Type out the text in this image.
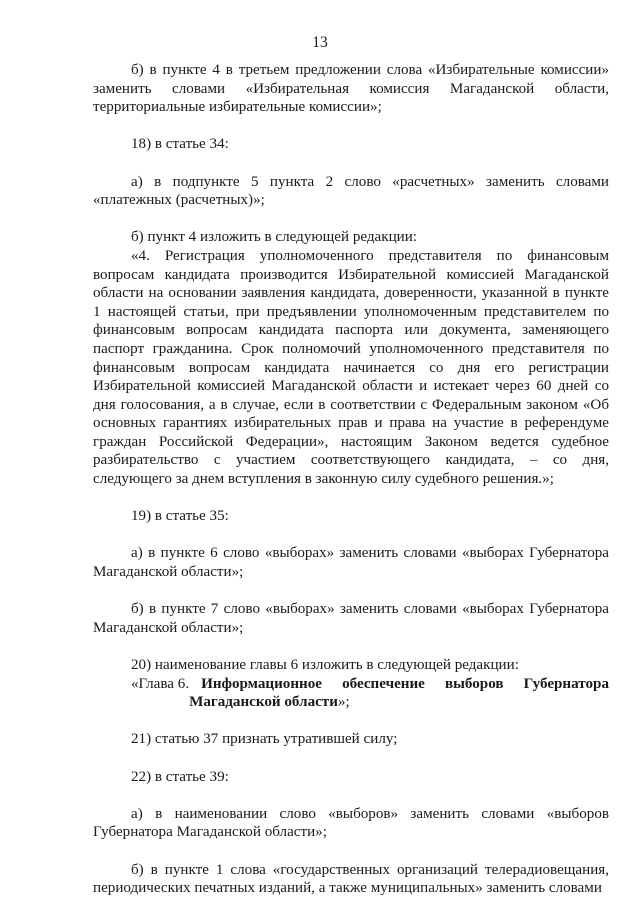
13

б) в пункте 4 в третьем предложении слова «Избирательные комиссии» заменить словами «Избирательная комиссия Магаданской области, территориальные избирательные комиссии»;

18) в статье 34:

а) в подпункте 5 пункта 2 слово «расчетных» заменить словами «платежных (расчетных)»;

б) пункт 4 изложить в следующей редакции:

«4. Регистрация уполномоченного представителя по финансовым вопросам кандидата производится Избирательной комиссией Магаданской области на основании заявления кандидата, доверенности, указанной в пункте 1 настоящей статьи, при предъявлении уполномоченным представителем по финансовым вопросам кандидата паспорта или документа, заменяющего паспорт гражданина. Срок полномочий уполномоченного представителя по финансовым вопросам кандидата начинается со дня его регистрации Избирательной комиссией Магаданской области и истекает через 60 дней со дня голосования, а в случае, если в соответствии с Федеральным законом «Об основных гарантиях избирательных прав и права на участие в референдуме граждан Российской Федерации», настоящим Законом ведется судебное разбирательство с участием соответствующего кандидата, – со дня, следующего за днем вступления в законную силу судебного решения.»;

19) в статье 35:

а) в пункте 6 слово «выборах» заменить словами «выборах Губернатора Магаданской области»;

б) в пункте 7 слово «выборах» заменить словами «выборах Губернатора Магаданской области»;

20) наименование главы 6 изложить в следующей редакции:

«Глава 6. Информационное обеспечение выборов Губернатора Магаданской области»;

21) статью 37 признать утратившей силу;

22) в статье 39:

а) в наименовании слово «выборов» заменить словами «выборов Губернатора Магаданской области»;

б) в пункте 1 слова «государственных организаций телерадиовещания, периодических печатных изданий, а также муниципальных» заменить словами
